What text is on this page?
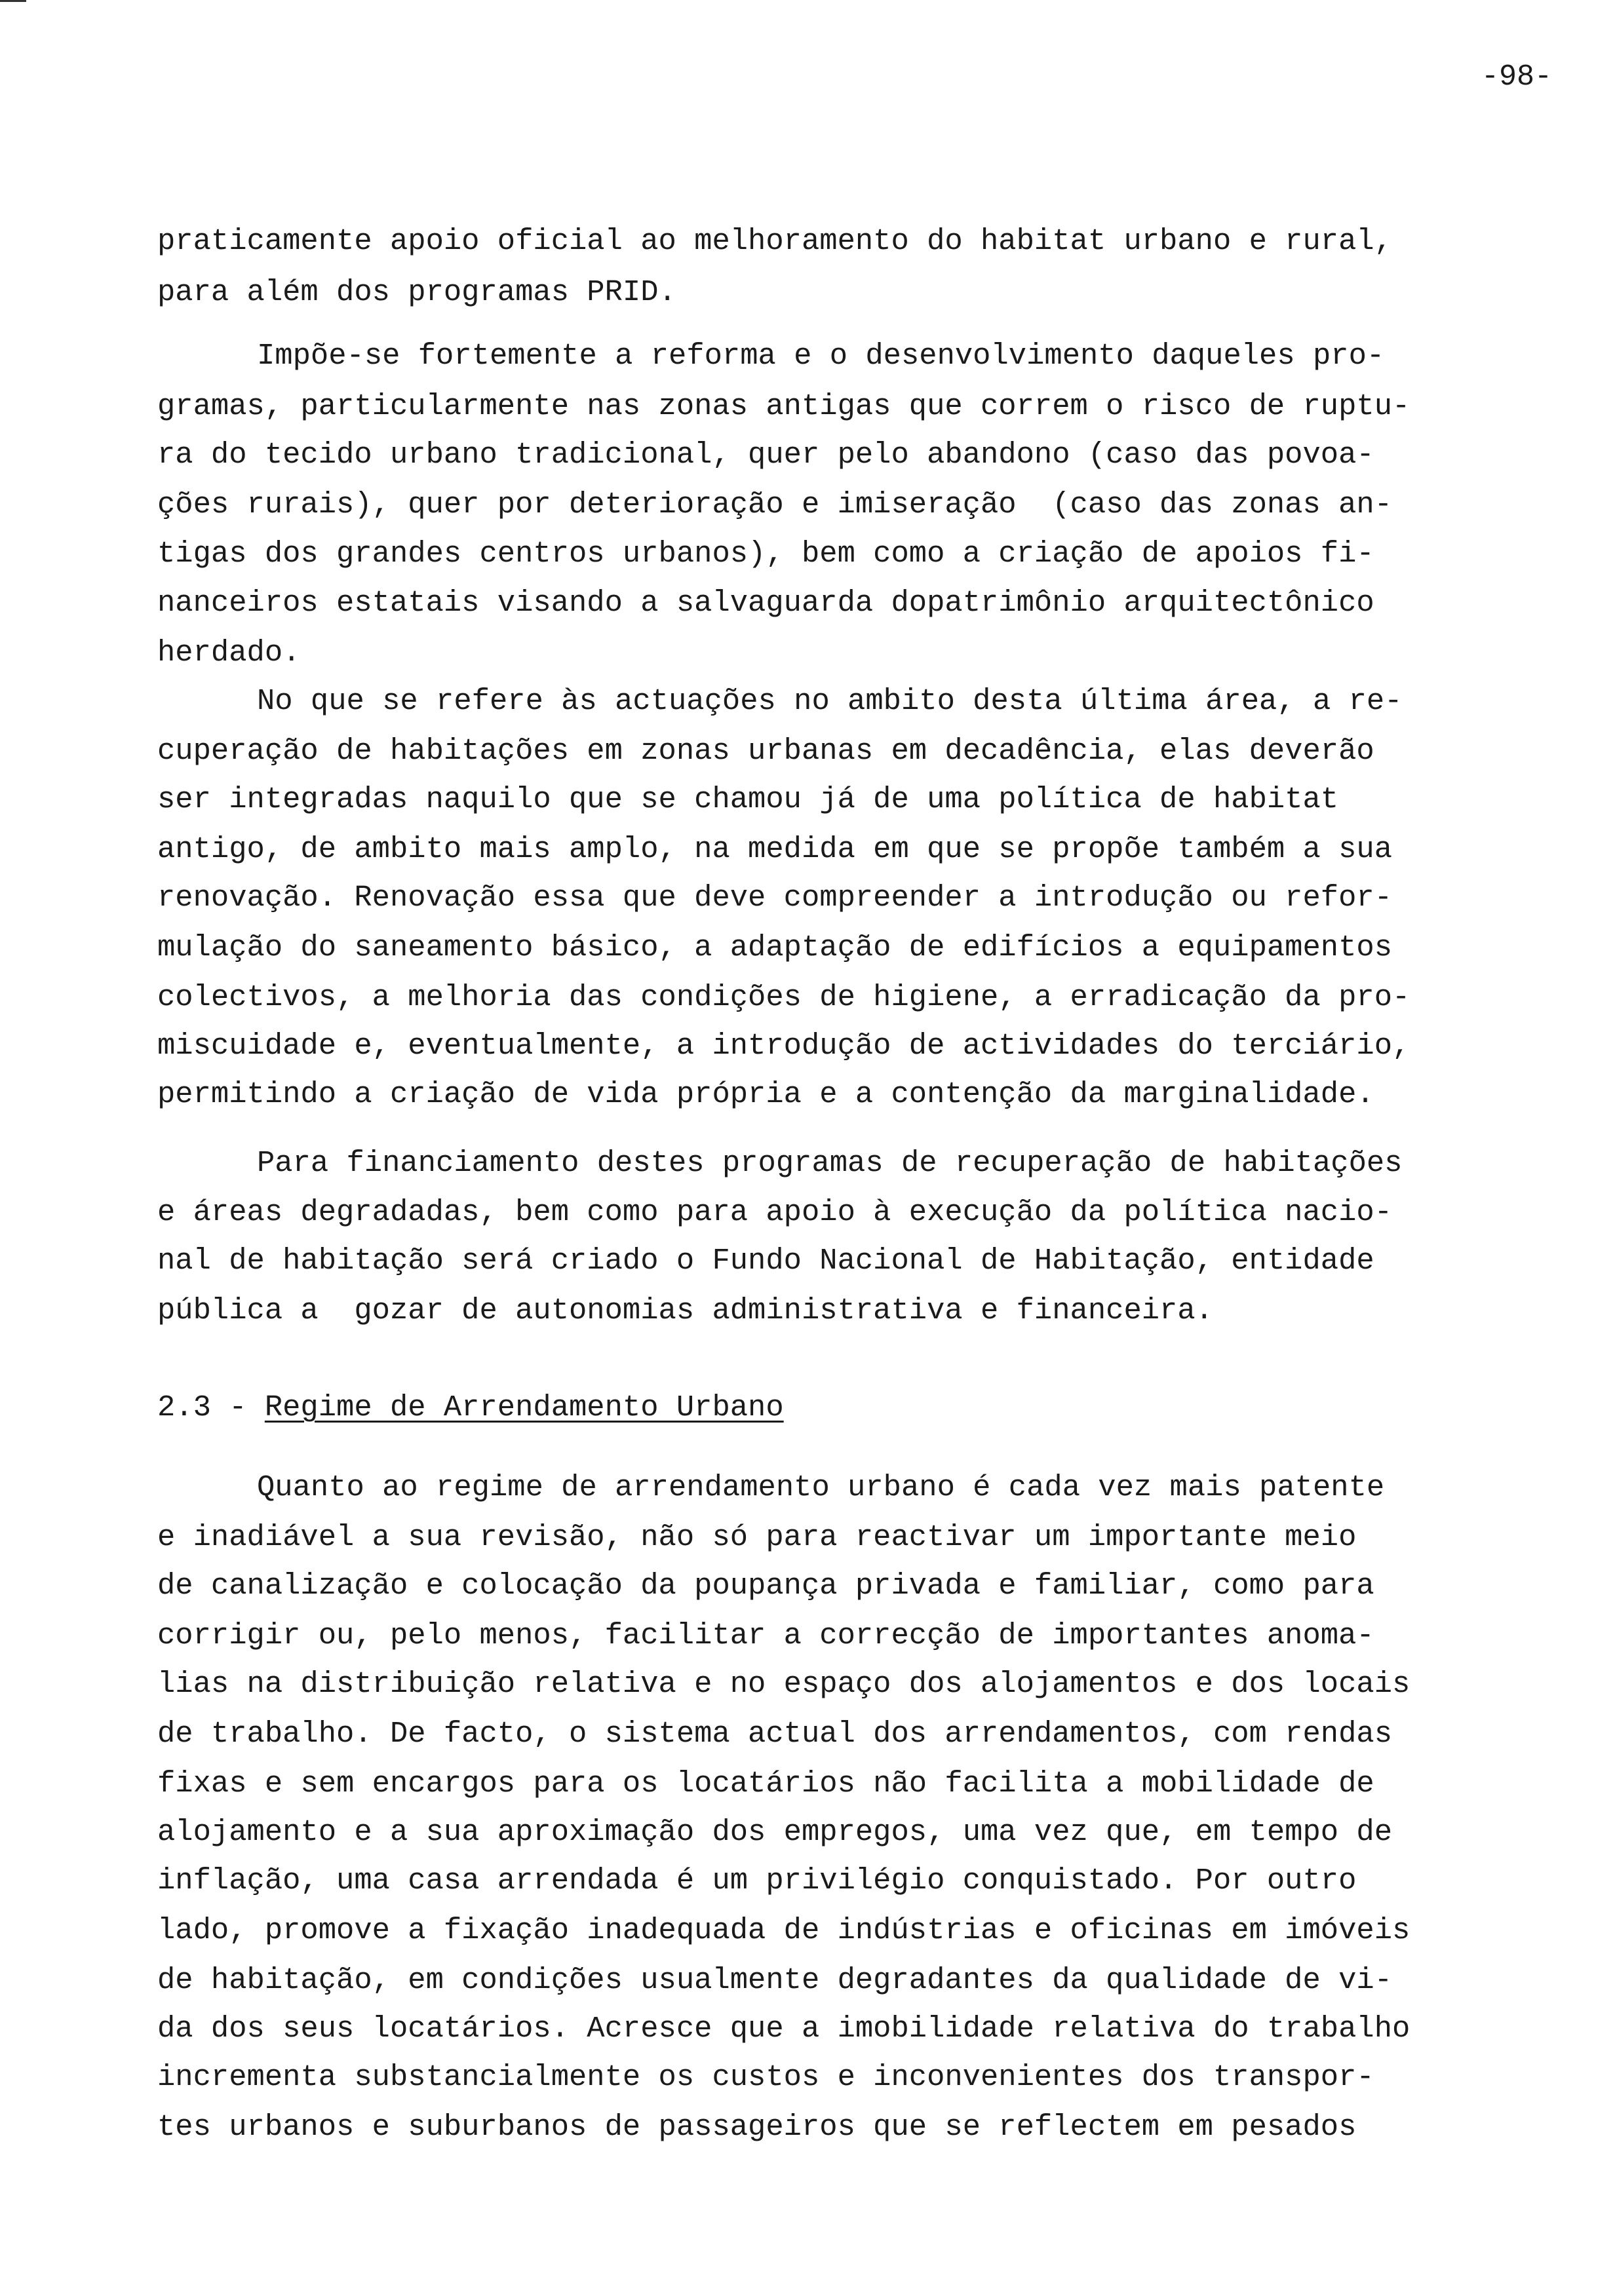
-98-
praticamente apoio oficial ao melhoramento do habitat urbano e rural,
para além dos programas PRID.
Impõe-se fortemente a reforma e o desenvolvimento daqueles pro-
gramas, particularmente nas zonas antigas que correm o risco de ruptu-
ra do tecido urbano tradicional, quer pelo abandono (caso das povoa-
ções rurais), quer por deterioração e imiseração  (caso das zonas an-
tigas dos grandes centros urbanos), bem como a criação de apoios fi-
nanceiros estatais visando a salvaguarda dopatrimônio arquitectônico
herdado.
No que se refere às actuações no ambito desta última área, a re-
cuperação de habitações em zonas urbanas em decadência, elas deverão
ser integradas naquilo que se chamou já de uma política de habitat
antigo, de ambito mais amplo, na medida em que se propõe também a sua
renovação. Renovação essa que deve compreender a introdução ou refor-
mulação do saneamento básico, a adaptação de edifícios a equipamentos
colectivos, a melhoria das condições de higiene, a erradicação da pro-
miscuidade e, eventualmente, a introdução de actividades do terciário,
permitindo a criação de vida própria e a contenção da marginalidade.
Para financiamento destes programas de recuperação de habitações
e áreas degradadas, bem como para apoio à execução da política nacio-
nal de habitação será criado o Fundo Nacional de Habitação, entidade
pública a  gozar de autonomias administrativa e financeira.
2.3 - Regime de Arrendamento Urbano
Quanto ao regime de arrendamento urbano é cada vez mais patente
e inadiável a sua revisão, não só para reactivar um importante meio
de canalização e colocação da poupança privada e familiar, como para
corrigir ou, pelo menos, facilitar a correcção de importantes anoma-
lias na distribuição relativa e no espaço dos alojamentos e dos locais
de trabalho. De facto, o sistema actual dos arrendamentos, com rendas
fixas e sem encargos para os locatários não facilita a mobilidade de
alojamento e a sua aproximação dos empregos, uma vez que, em tempo de
inflação, uma casa arrendada é um privilégio conquistado. Por outro
lado, promove a fixação inadequada de indústrias e oficinas em imóveis
de habitação, em condições usualmente degradantes da qualidade de vi-
da dos seus locatários. Acresce que a imobilidade relativa do trabalho
incrementa substancialmente os custos e inconvenientes dos transpor-
tes urbanos e suburbanos de passageiros que se reflectem em pesados
